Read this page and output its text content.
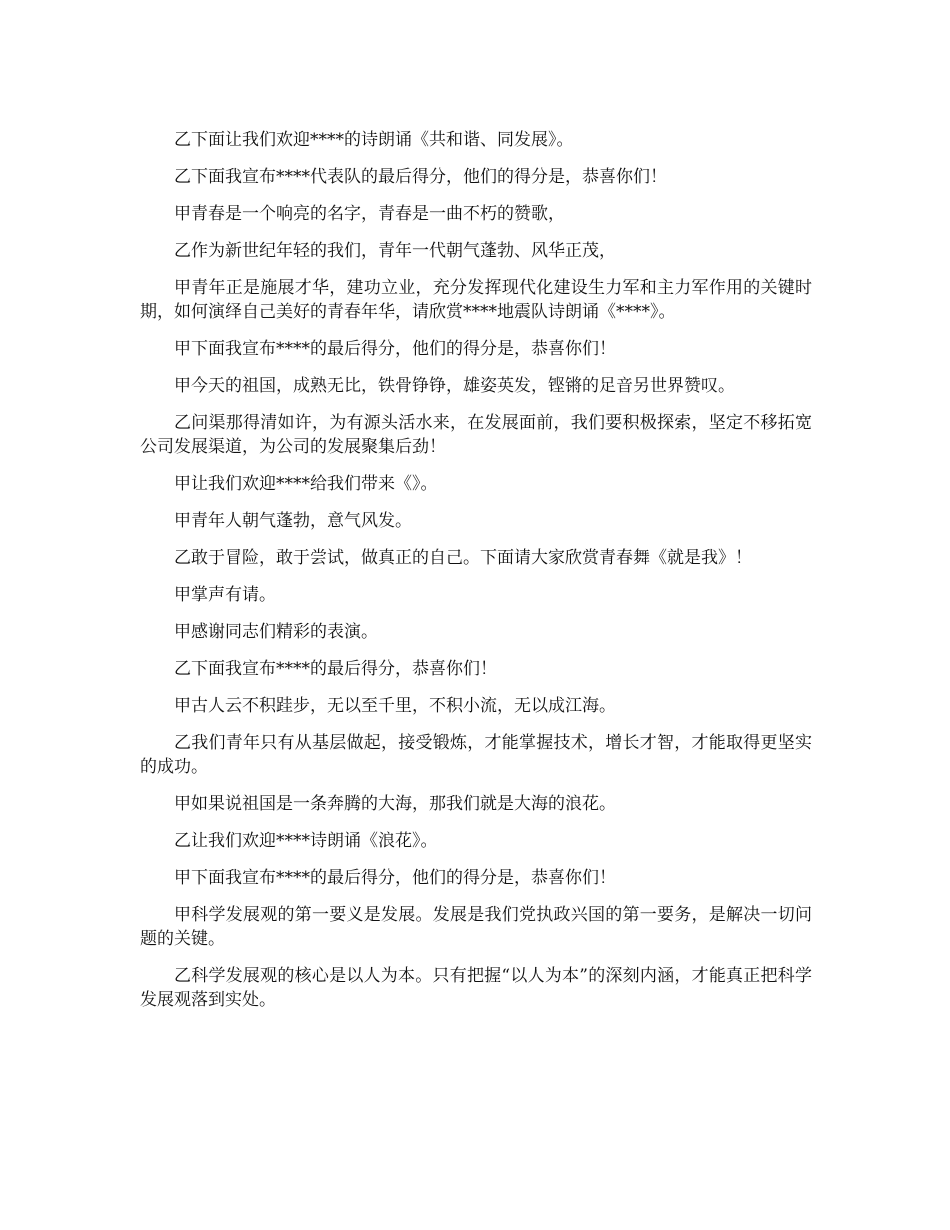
乙下面让我们欢迎****的诗朗诵《共和谐、同发展》。

乙下面我宣布****代表队的最后得分，他们的得分是，恭喜你们！

甲青春是一个响亮的名字，青春是一曲不朽的赞歌，

乙作为新世纪年轻的我们，青年一代朝气蓬勃、风华正茂，

甲青年正是施展才华，建功立业，充分发挥现代化建设生力军和主力军作用的关键时期，如何演绎自己美好的青春年华，请欣赏****地震队诗朗诵《****》。

甲下面我宣布****的最后得分，他们的得分是，恭喜你们！

甲今天的祖国，成熟无比，铁骨铮铮，雄姿英发，铿锵的足音另世界赞叹。

乙问渠那得清如许，为有源头活水来，在发展面前，我们要积极探索，坚定不移拓宽公司发展渠道，为公司的发展聚集后劲！

甲让我们欢迎****给我们带来《》。

甲青年人朝气蓬勃，意气风发。

乙敢于冒险，敢于尝试，做真正的自己。下面请大家欣赏青春舞《就是我》！

甲掌声有请。

甲感谢同志们精彩的表演。

乙下面我宣布****的最后得分，恭喜你们！

甲古人云不积跬步，无以至千里，不积小流，无以成江海。

乙我们青年只有从基层做起，接受锻炼，才能掌握技术，增长才智，才能取得更坚实的成功。

甲如果说祖国是一条奔腾的大海，那我们就是大海的浪花。

乙让我们欢迎****诗朗诵《浪花》。

甲下面我宣布****的最后得分，他们的得分是，恭喜你们！

甲科学发展观的第一要义是发展。发展是我们党执政兴国的第一要务，是解决一切问题的关键。

乙科学发展观的核心是以人为本。只有把握“以人为本”的深刻内涵，才能真正把科学发展观落到实处。
